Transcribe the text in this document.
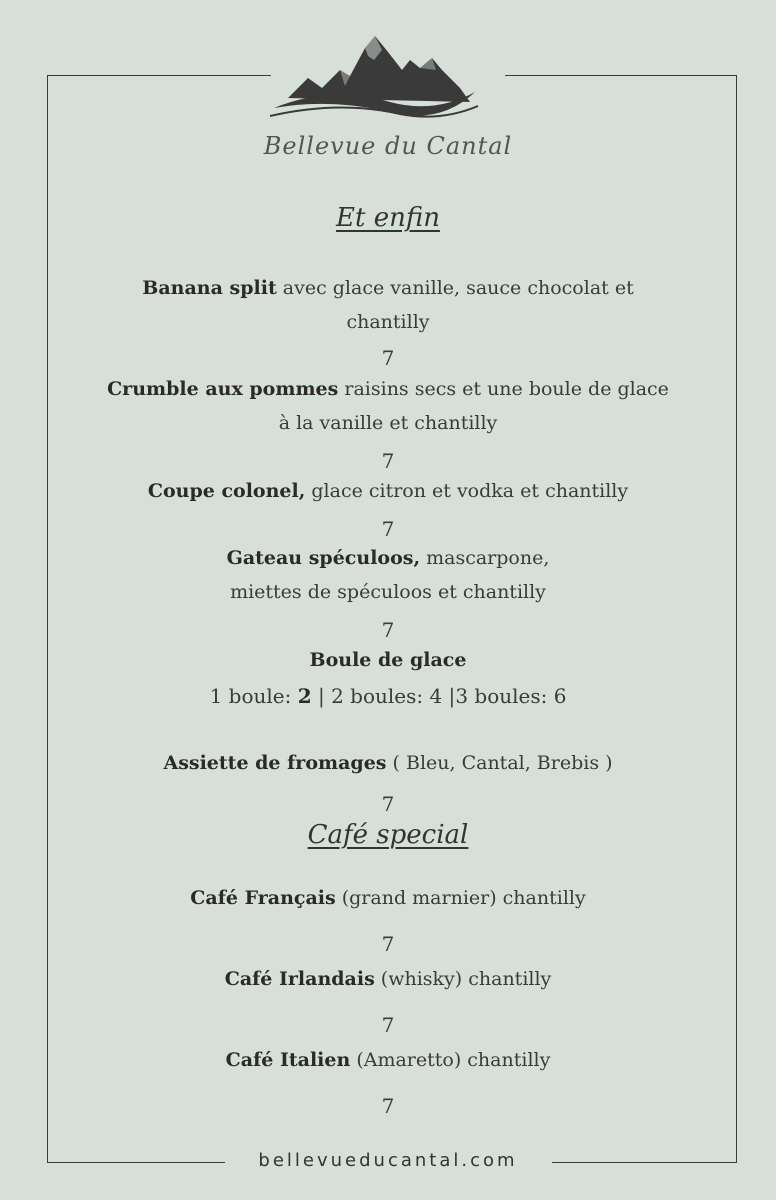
Bellevue du Cantal
Et enfin
Banana split avec glace vanille, sauce chocolat et
chantilly
7
Crumble aux pommes raisins secs et une boule de glace
à la vanille et chantilly
7
Coupe colonel, glace citron et vodka et chantilly
7
Gateau spéculoos, mascarpone,
miettes de spéculoos et chantilly
7
Boule de glace
1 boule: 2 | 2 boules: 4 |3 boules: 6
Assiette de fromages ( Bleu, Cantal, Brebis )
7
Café special
Café Français (grand marnier) chantilly
7
Café Irlandais (whisky) chantilly
7
Café Italien (Amaretto) chantilly
7
bellevueducantal.com
